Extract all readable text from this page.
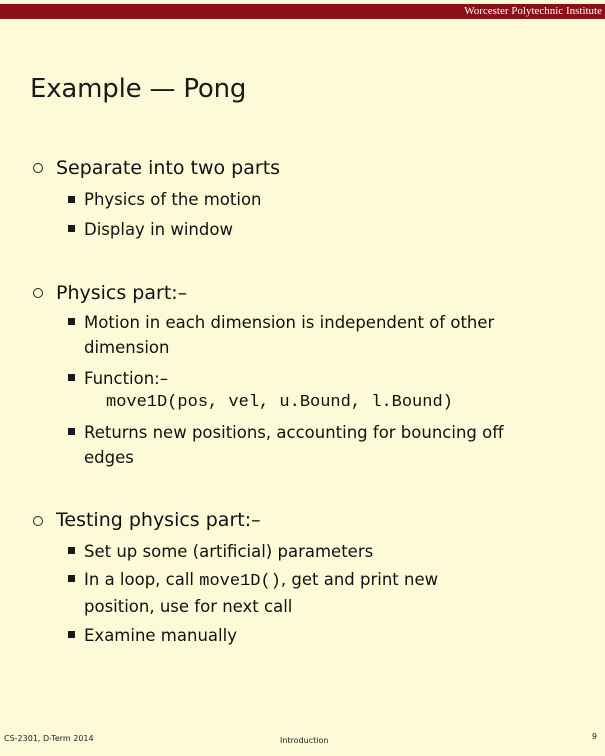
Worcester Polytechnic Institute
Example — Pong
Separate into two parts
Physics of the motion
Display in window
Physics part:–
Motion in each dimension is independent of other
dimension
Function:–
move1D(pos, vel, u.Bound, l.Bound)
Returns new positions, accounting for bouncing off
edges
Testing physics part:–
Set up some (artificial) parameters
In a loop, call move1D(), get and print new
position, use for next call
Examine manually
CS-2301, D-Term 2014	Introduction	9
